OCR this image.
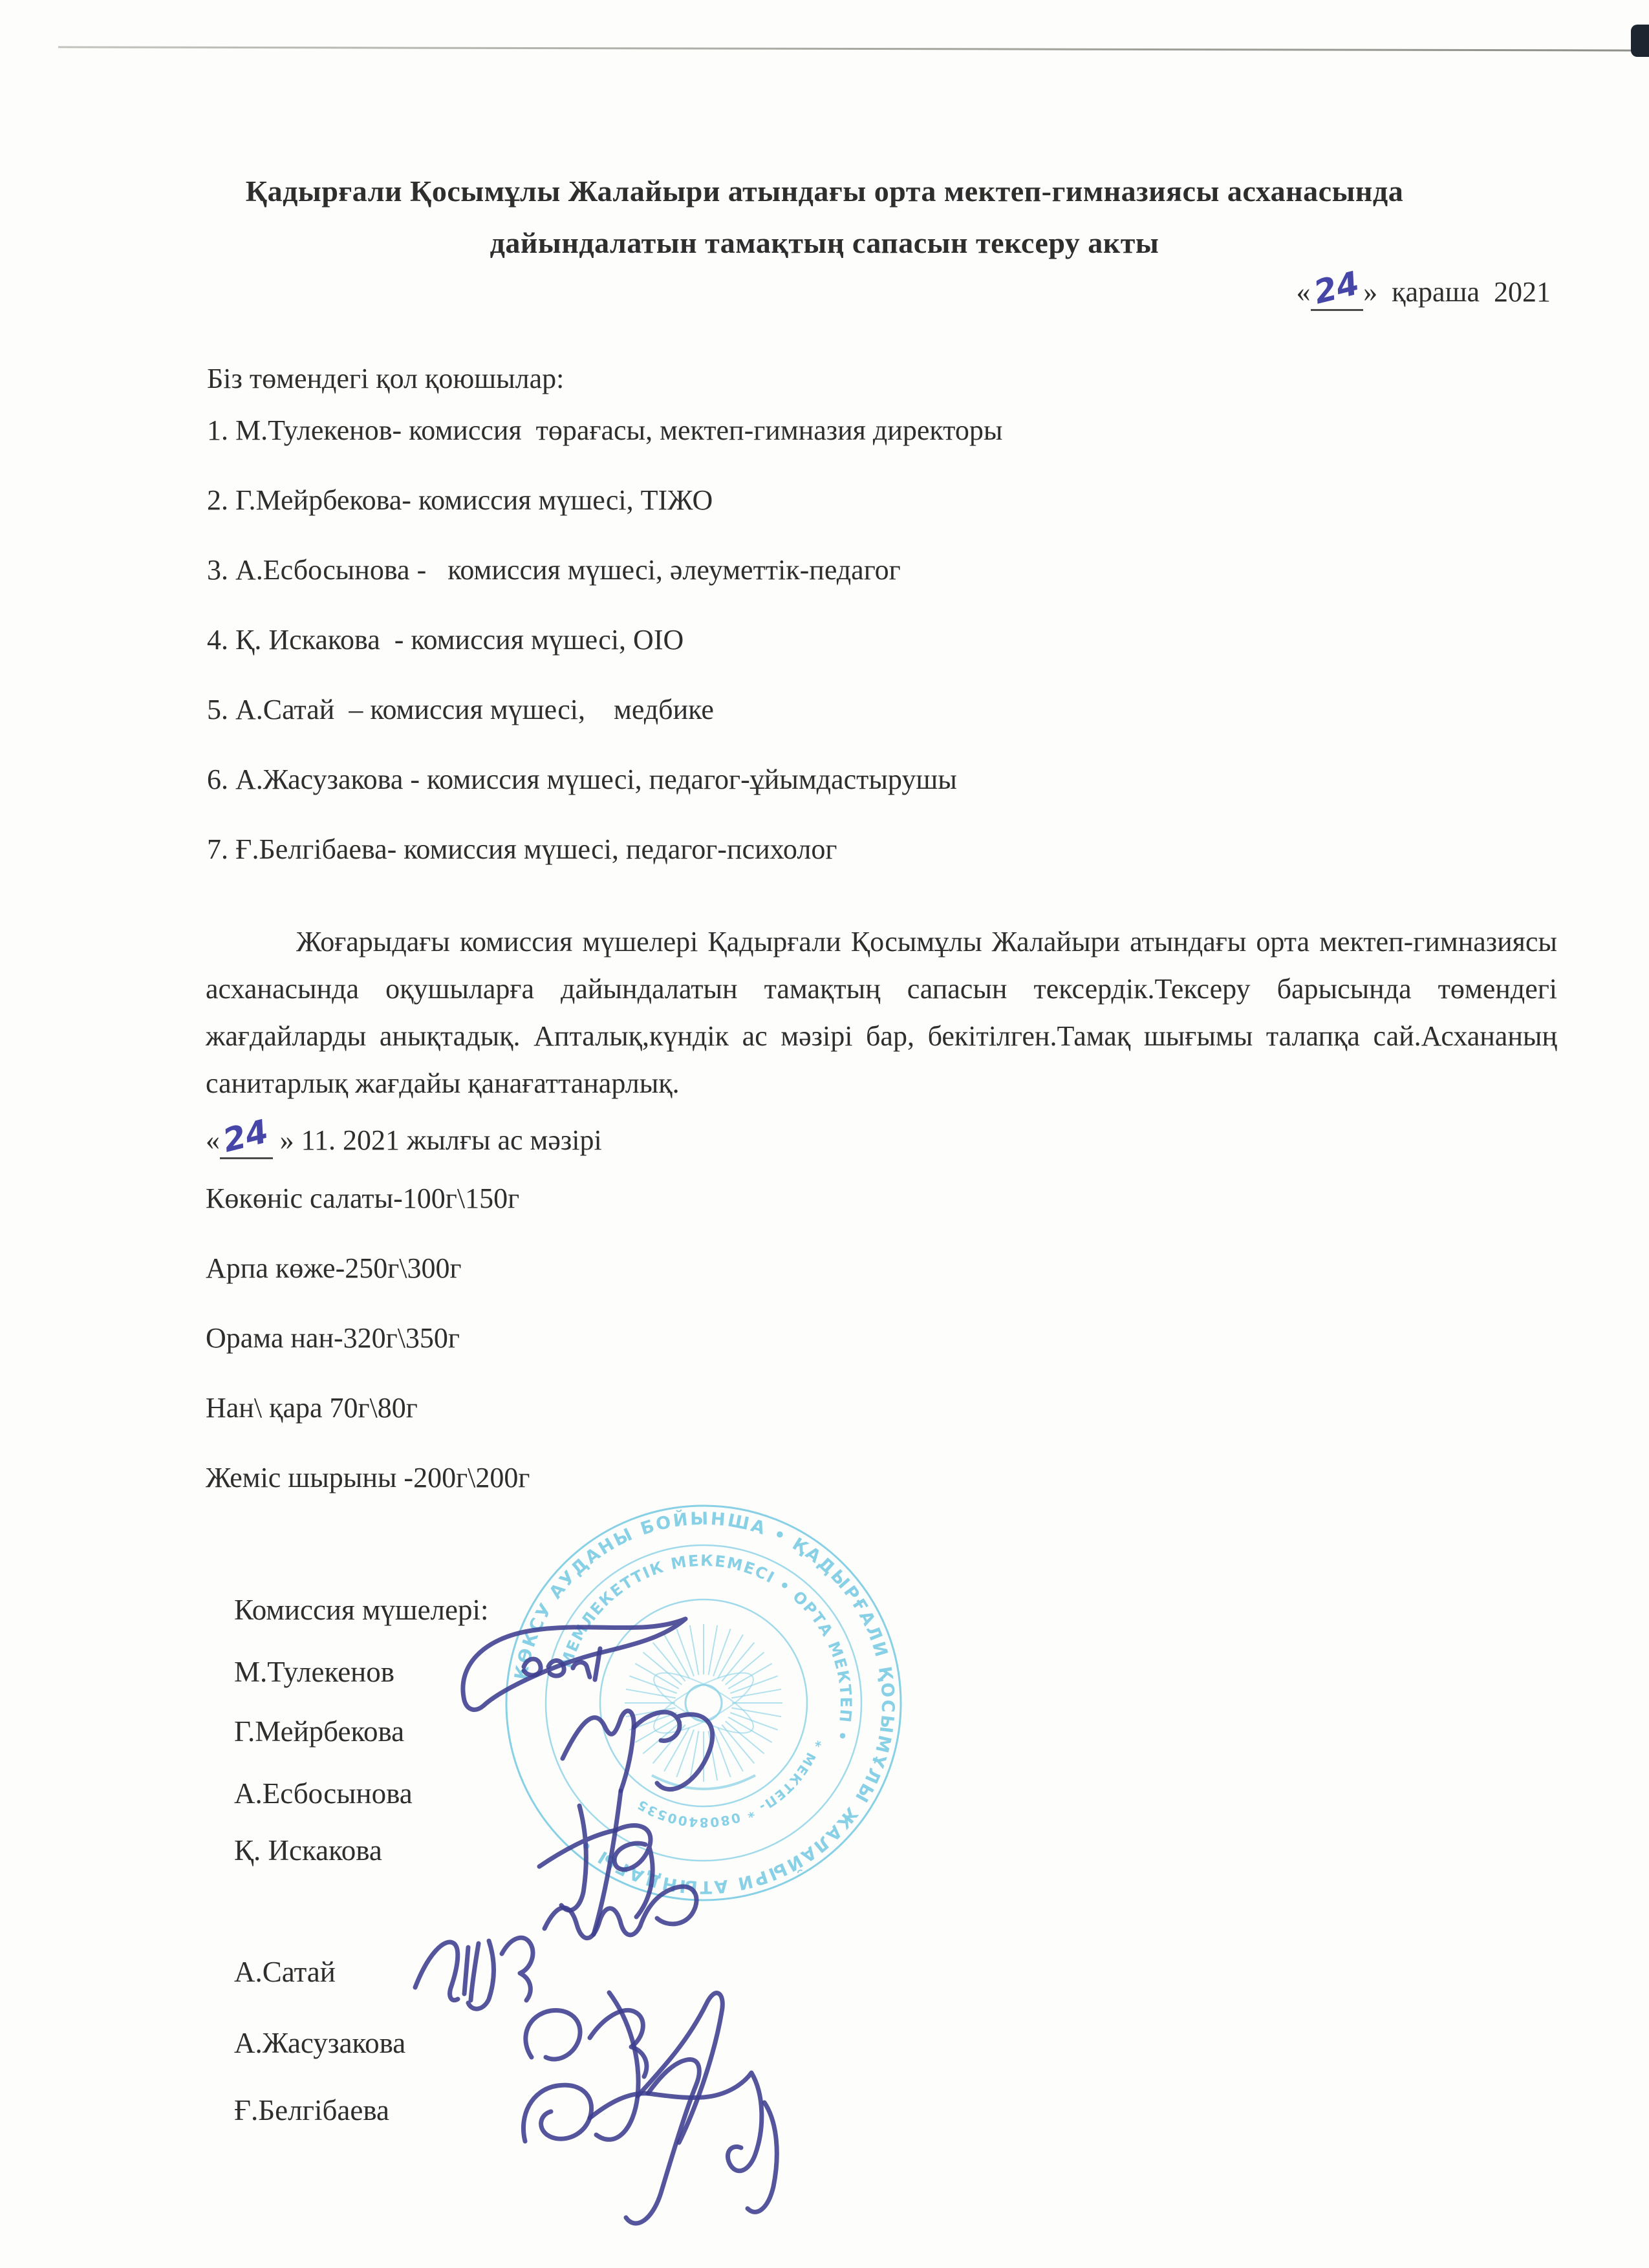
Қадырғали Қосымұлы Жалайыри атындағы орта мектеп-гимназиясы асханасында
дайындалатын тамақтың сапасын тексеру акты
«24» қараша  2021
Біз төмендегі қол қоюшылар:
1. М.Тулекенов- комиссия  төрағасы, мектеп-гимназия директоры
2. Г.Мейрбекова- комиссия мүшесі, ТІЖО
3. А.Есбосынова -   комиссия мүшесі, әлеуметтік-педагог
4. Қ. Искакова  - комиссия мүшесі, ОІО
5. А.Сатай  – комиссия мүшесі,    медбике
6. А.Жасузакова - комиссия мүшесі, педагог-ұйымдастырушы
7. Ғ.Белгібаева- комиссия мүшесі, педагог-психолог
Жоғарыдағы комиссия мүшелері Қадырғали Қосымұлы Жалайыри атындағы орта мектеп-гимназиясы асханасында оқушыларға дайындалатын тамақтың сапасын тексердік.Тексеру барысында төмендегі жағдайларды анықтадық. Апталық,күндік ас мәзірі бар, бекітілген.Тамақ шығымы талапқа сай.Асхананың санитарлық жағдайы қанағаттанарлық.
«24 » 11. 2021 жылғы ас мәзірі
Көкөніс салаты-100г\150г
Арпа көже-250г\300г
Орама нан-320г\350г
Нан\ қара 70г\80г
Жеміс шырыны -200г\200г
КӨКСУ АУДАНЫ БОЙЫНША • ҚАДЫРҒАЛИ ҚОСЫМҰЛЫ ЖАЛАЙЫРИ АТЫНДАҒЫ •
МЕМЛЕКЕТТІК МЕКЕМЕСІ • ОРТА МЕКТЕП •
* МЕКТЕП- * 0808400535
Комиссия мүшелері:
М.Тулекенов
Г.Мейрбекова
А.Есбосынова
Қ. Искакова
А.Сатай
А.Жасузакова
Ғ.Белгібаева
